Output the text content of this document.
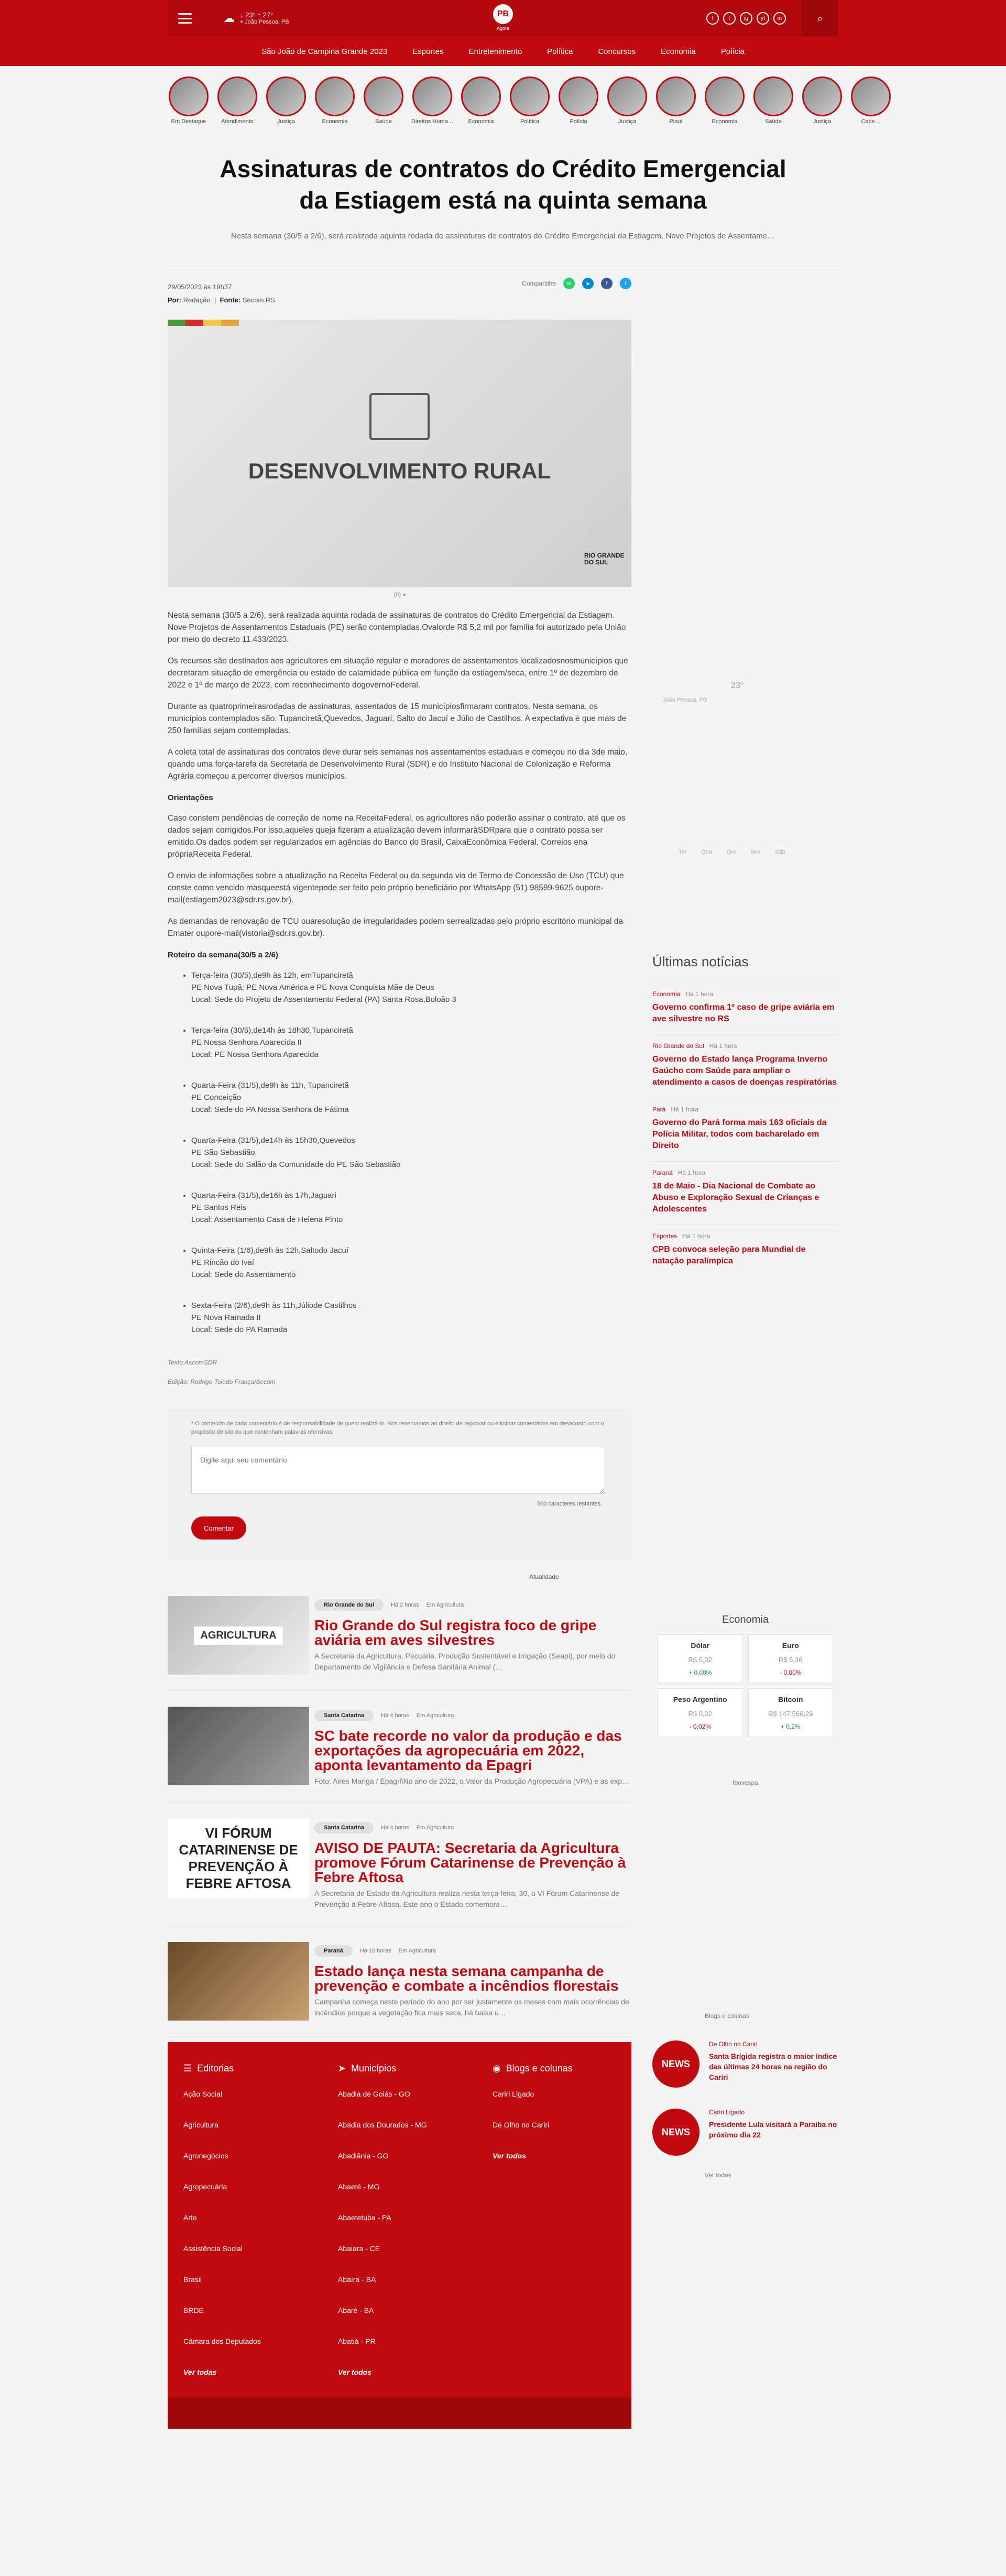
☁ ↓ 23° ↑ 27°
⌖ João Pessoa, PB
PB
Agora
f	t	ig	yt	in	⌕
São João de Campina Grande 2023	Esportes	Entretenimento	Política	Concursos	Economia	Polícia
Em Destaque	Atendimento	Justiça	Economia	Saúde	Direitos Huma…	Economia	Política	Polícia	Justiça	Piauí	Economia	Saúde	Justiça	Cace…
Assinaturas de contratos do Crédito Emergencial da Estiagem está na quinta semana

Nesta semana (30/5 a 2/6), será realizada aquinta rodada de assinaturas de contratos do Crédito Emergencial da Estiagem. Nove Projetos de Assentame…

29/05/2023 às 19h37
Por: Redação  |  Fonte: Secom RS
Compartilhe	w	➤	f	t
DESENVOLVIMENTO RURAL
RIO GRANDE DO SUL
(0) ◂

Nesta semana (30/5 a 2/6), será realizada aquinta rodada de assinaturas de contratos do Crédito Emergencial da Estiagem. Nove Projetos de Assentamentos Estaduais (PE) serão contempladas.Ovalorde R$ 5,2 mil por família foi autorizado pela União por meio do decreto 11.433/2023.

Os recursos são destinados aos agricultores em situação regular e moradores de assentamentos localizadosnosmunicípios que decretaram situação de emergência ou estado de calamidade pública em função da estiagem/seca, entre 1º de dezembro de 2022 e 1º de março de 2023, com reconhecimento dogovernoFederal.

Durante as quatroprimeirasrodadas de assinaturas, assentados de 15 municípiosfirmaram contratos. Nesta semana, os municípios contemplados são: Tupanciretã,Quevedos, Jaguari, Salto do Jacuí e Júlio de Castilhos. A expectativa é que mais de 250 famílias sejam contempladas.

A coleta total de assinaturas dos contratos deve durar seis semanas nos assentamentos estaduais e começou no dia 3de maio, quando uma força-tarefa da Secretaria de Desenvolvimento Rural (SDR) e do Instituto Nacional de Colonização e Reforma Agrária começou a percorrer diversos municípios.

Orientações

Caso constem pendências de correção de nome na ReceitaFederal, os agricultores não poderão assinar o contrato, até que os dados sejam corrigidos.Por isso,aqueles queja fizeram a atualização devem informaràSDRpara que o contrato possa ser emitido.Os dados podem ser regularizados em agências do Banco do Brasil, CaixaEconômica Federal, Correios ena própriaReceita Federal.

O envio de informações sobre a atualização na Receita Federal ou da segunda via de Termo de Concessão de Uso (TCU) que conste como vencido masqueestá vigentepode ser feito pelo próprio beneficiário por WhatsApp (51) 98599-9625 oupore-mail(estiagem2023@sdr.rs.gov.br).

As demandas de renovação de TCU ouaresolução de irregularidades podem serrealizadas pelo próprio escritório municipal da Emater oupore-mail(vistoria@sdr.rs.gov.br).

Roteiro da semana(30/5 a 2/6)
• Terça-feira (30/5),de9h às 12h, emTupanciretã
PE Nova Tupã; PE Nova América e PE Nova Conquista Mãe de Deus
Local: Sede do Projeto de Assentamento Federal (PA) Santa Rosa,Boloão 3
• Terça-feira (30/5),de14h às 18h30,Tupanciretã
PE Nossa Senhora Aparecida II
Local: PE Nossa Senhora Aparecida
• Quarta-Feira (31/5),de9h às 11h, Tupanciretã
PE Conceição
Local: Sede do PA Nossa Senhora de Fátima
• Quarta-Feira (31/5),de14h às 15h30,Quevedos
PE São Sebastião
Local: Sede do Salão da Comunidade do PE São Sebastião
• Quarta-Feira (31/5),de16h às 17h,Jaguari
PE Santos Reis
Local: Assentamento Casa de Helena Pinto
• Quinta-Feira (1/6),de9h às 12h,Saltodo Jacuí
PE Rincão do Ivaí
Local: Sede do Assentamento
• Sexta-Feira (2/6),de9h às 11h,Júliode Castilhos
PE Nova Ramada II
Local: Sede do PA Ramada
Texto:AscomSDR
Edição: Rodrigo Toledo França/Secom
* O conteúdo de cada comentário é de responsabilidade de quem realizá-lo. Nos reservamos ao direito de reprovar ou eliminar comentários em desacordo com o propósito do site ou que contenham palavras ofensivas.
Digite aqui seu comentário
500 caracteres restantes.
Comentar
Atualidade
AGRICULTURA
Rio Grande do Sul	Há 2 horas Em Agricultura
Rio Grande do Sul registra foco de gripe aviária em aves silvestres
A Secretaria da Agricultura, Pecuária, Produção Sustentável e Irrigação (Seapi), por meio do Departamento de Vigilância e Defesa Sanitária Animal (…
Santa Catarina	Há 4 horas Em Agricultura
SC bate recorde no valor da produção e das exportações da agropecuária em 2022, aponta levantamento da Epagri
Foto: Aires Mariga / Epagri\No ano de 2022, o Valor da Produção Agropecuária (VPA) e as exp…
VI FÓRUM CATARINENSE DE PREVENÇÃO À FEBRE AFTOSA
Santa Catarina	Há 4 horas Em Agricultura
AVISO DE PAUTA: Secretaria da Agricultura promove Fórum Catarinense de Prevenção à Febre Aftosa
A Secretaria de Estado da Agricultura realiza nesta terça-feira, 30, o VI Fórum Catarinense de Prevenção à Febre Aftosa. Este ano o Estado comemora…
Paraná	Há 10 horas Em Agricultura
Estado lança nesta semana campanha de prevenção e combate a incêndios florestais
Campanha começa neste período do ano por ser justamente os meses com mais ocorrências de incêndios porque a vegetação fica mais seca, há baixa u…
João Pessoa, PB
23°
Ter	Qua	Qui	Sex	Sáb
Últimas notícias
Economia Há 1 hora
Governo confirma 1º caso de gripe aviária em ave silvestre no RS
Rio Grande do Sul Há 1 hora
Governo do Estado lança Programa Inverno Gaúcho com Saúde para ampliar o atendimento a casos de doenças respiratórias
Pará Há 1 hora
Governo do Pará forma mais 163 oficiais da Polícia Militar, todos com bacharelado em Direito
Paraná Há 1 hora
18 de Maio - Dia Nacional de Combate ao Abuso e Exploração Sexual de Crianças e Adolescentes
Esportes Há 1 hora
CPB convoca seleção para Mundial de natação paralímpica
Economia
Dólar
R$ 5,02
+ 0,00%
Euro
R$ 5,36
- 0,00%
Peso Argentino
R$ 0,02
- 0,02%
Bitcoin
R$ 147.566,29
+ 0,2%
Ibovespa
Blogs e colunas
NEWS
De Olho no Cariri
Santa Brígida registra o maior índice das últimas 24 horas na região do Cariri
NEWS
Cariri Ligado
Presidente Lula visitará a Paraíba no próximo dia 22
Ver todos
☰ Editorias
Ação Social
Agricultura
Agronegócios
Agropecuária
Arte
Assistência Social
Brasil
BRDE
Câmara dos Deputados
Ver todas
➤ Municípios
Abadia de Goiás - GO
Abadia dos Dourados - MG
Abadiânia - GO
Abaeté - MG
Abaetetuba - PA
Abaiara - CE
Abaíra - BA
Abaré - BA
Abatiá - PR
Ver todos
◉ Blogs e colunas
Cariri Ligado
De Olho no Cariri
Ver todos
